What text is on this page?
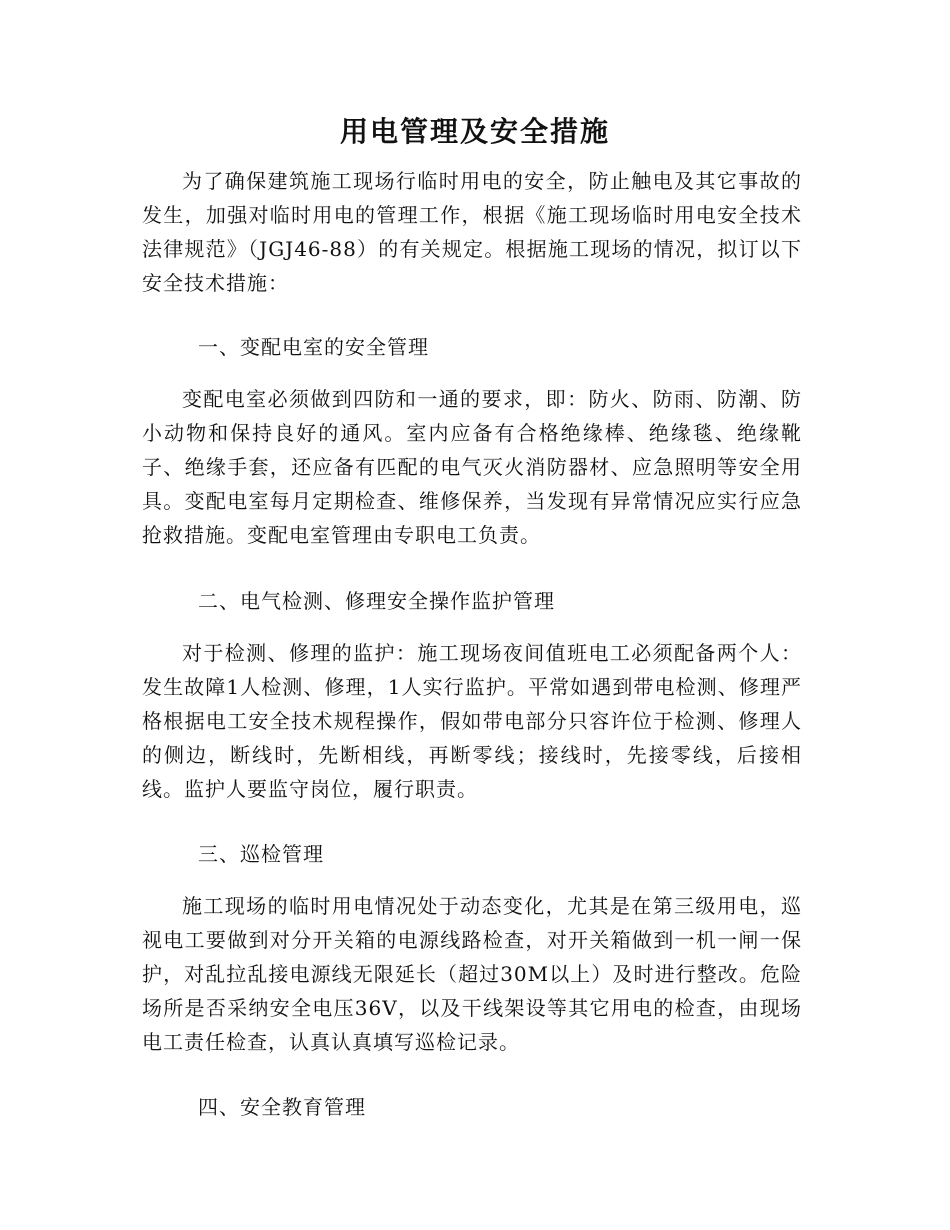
用电管理及安全措施
为了确保建筑施工现场行临时用电的安全，防止触电及其它事故的发生，加强对临时用电的管理工作，根据《施工现场临时用电安全技术法律规范》（JGJ46-88）的有关规定。根据施工现场的情况，拟订以下安全技术措施：
一、变配电室的安全管理
变配电室必须做到四防和一通的要求，即：防火、防雨、防潮、防小动物和保持良好的通风。室内应备有合格绝缘棒、绝缘毯、绝缘靴子、绝缘手套，还应备有匹配的电气灭火消防器材、应急照明等安全用具。变配电室每月定期检查、维修保养，当发现有异常情况应实行应急抢救措施。变配电室管理由专职电工负责。
二、电气检测、修理安全操作监护管理
对于检测、修理的监护：施工现场夜间值班电工必须配备两个人：发生故障1人检测、修理，1人实行监护。平常如遇到带电检测、修理严格根据电工安全技术规程操作，假如带电部分只容许位于检测、修理人的侧边，断线时，先断相线，再断零线；接线时，先接零线，后接相线。监护人要监守岗位，履行职责。
三、巡检管理
施工现场的临时用电情况处于动态变化，尤其是在第三级用电，巡视电工要做到对分开关箱的电源线路检查，对开关箱做到一机一闸一保护，对乱拉乱接电源线无限延长（超过30M以上）及时进行整改。危险场所是否采纳安全电压36V，以及干线架设等其它用电的检查，由现场电工责任检查，认真认真填写巡检记录。
四、安全教育管理
